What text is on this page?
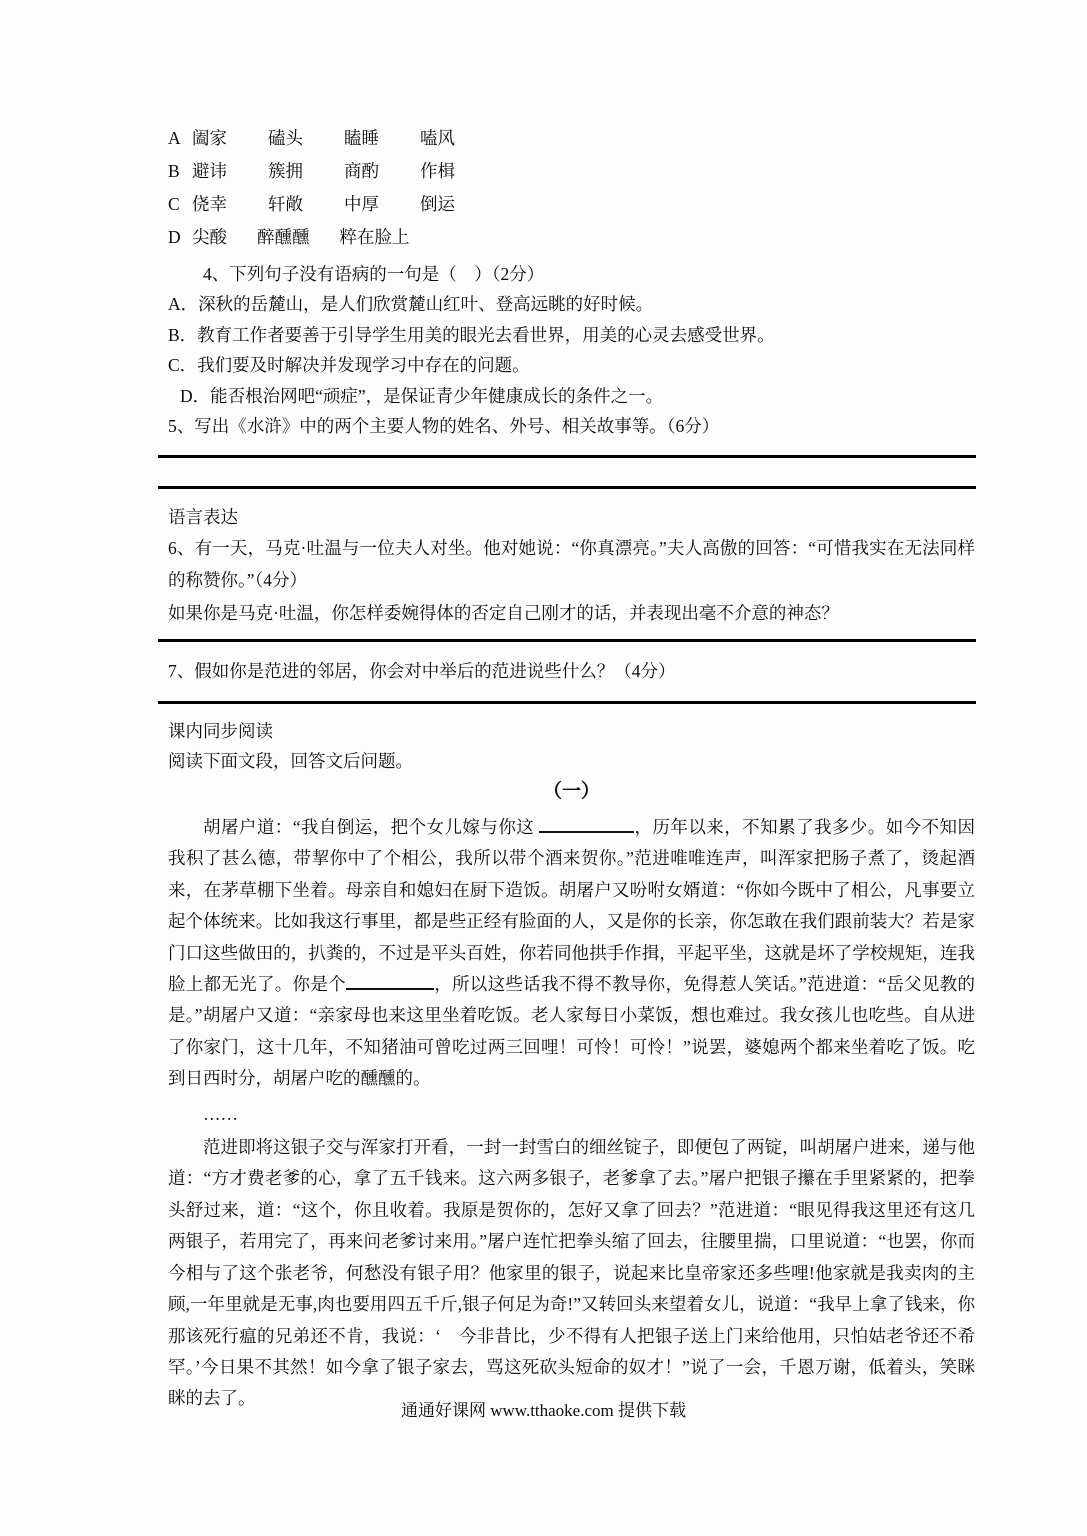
A 阖家 磕头 瞌睡 嗑风
B 避讳 簇拥 商酌 作楫
C 侥幸 轩敞 中厚 倒运
D 尖酸 醉醺醺 粹在脸上
4、下列句子没有语病的一句是（　）（2分）
A．深秋的岳麓山，是人们欣赏麓山红叶、登高远眺的好时候。
B．教育工作者要善于引导学生用美的眼光去看世界，用美的心灵去感受世界。
C．我们要及时解决并发现学习中存在的问题。
D．能否根治网吧“顽症”，是保证青少年健康成长的条件之一。
5、写出《水浒》中的两个主要人物的姓名、外号、相关故事等。（6分）
语言表达
6、有一天，马克·吐温与一位夫人对坐。他对她说：“你真漂亮。”夫人高傲的回答：“可惜我实在无法同样的称赞你。”（4分）
如果你是马克·吐温，你怎样委婉得体的否定自己刚才的话，并表现出毫不介意的神态？
7、假如你是范进的邻居，你会对中举后的范进说些什么？（4分）
课内同步阅读
阅读下面文段，回答文后问题。
（一）

胡屠户道：“我自倒运，把个女儿嫁与你这	，历年以来，不知累了我多少。如今不知因我积了甚么德，带挈你中了个相公，我所以带个酒来贺你。”范进唯唯连声，叫浑家把肠子煮了，烫起酒来，在茅草棚下坐着。母亲自和媳妇在厨下造饭。胡屠户又吩咐女婿道：“你如今既中了相公，凡事要立起个体统来。比如我这行事里，都是些正经有脸面的人，又是你的长亲，你怎敢在我们跟前装大？若是家门口这些做田的，扒粪的，不过是平头百姓，你若同他拱手作揖，平起平坐，这就是坏了学校规矩，连我脸上都无光了。你是个	，所以这些话我不得不教导你，免得惹人笑话。”范进道：“岳父见教的是。”胡屠户又道：“亲家母也来这里坐着吃饭。老人家每日小菜饭，想也难过。我女孩儿也吃些。自从进了你家门，这十几年，不知猪油可曾吃过两三回哩！可怜！可怜！”说罢，婆媳两个都来坐着吃了饭。吃到日西时分，胡屠户吃的醺醺的。

……

范进即将这银子交与浑家打开看，一封一封雪白的细丝锭子，即便包了两锭，叫胡屠户进来，递与他道：“方才费老爹的心，拿了五千钱来。这六两多银子，老爹拿了去。”屠户把银子攥在手里紧紧的，把拳头舒过来，道：“这个，你且收着。我原是贺你的，怎好又拿了回去？”范进道：“眼见得我这里还有这几两银子，若用完了，再来问老爹讨来用。”屠户连忙把拳头缩了回去，往腰里揣，口里说道：“也罢，你而今相与了这个张老爷，何愁没有银子用？他家里的银子，说起来比皇帝家还多些哩!他家就是我卖肉的主顾,一年里就是无事,肉也要用四五千斤,银子何足为奇!”又转回头来望着女儿，说道：“我早上拿了钱来，你那该死行瘟的兄弟还不肯，我说：‘　今非昔比，少不得有人把银子送上门来给他用，只怕姑老爷还不希罕。’今日果不其然！如今拿了银子家去，骂这死砍头短命的奴才！”说了一会，千恩万谢，低着头，笑眯眯的去了。

通通好课网 www.tthaoke.com 提供下载
